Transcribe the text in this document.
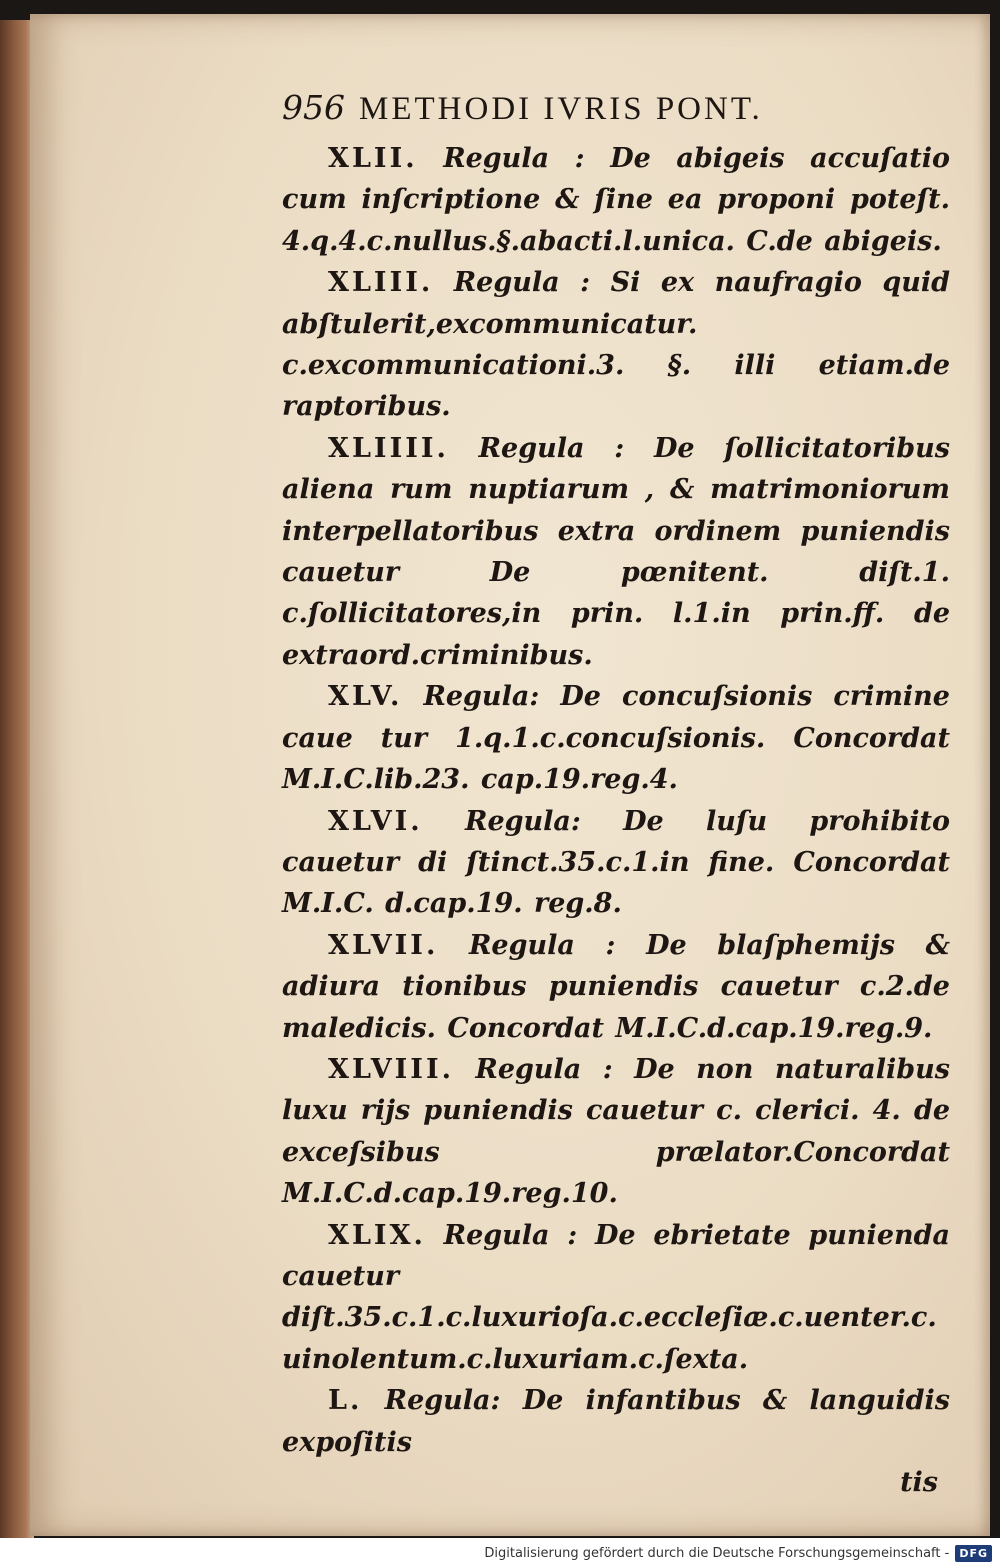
956 METHODI IVRIS PONT.

XLII. Regula : De abigeis accuſatio cum inſcriptione & ſine ea proponi poteſt. 4.q.4.c.nullus.§.abacti.l.unica. C.de abigeis.

XLIII. Regula : Si ex naufragio quid abſtulerit,excommunicatur. c.excommunicationi.3. §. illi etiam.de raptoribus.

XLIIII. Regula : De ſollicitatoribus aliena rum nuptiarum , & matrimoniorum interpellatoribus extra ordinem puniendis cauetur De pœnitent. diſt.1. c.ſollicitatores,in prin. l.1.in prin.ff. de extraord.criminibus.

XLV. Regula: De concuſsionis crimine caue tur 1.q.1.c.concuſsionis. Concordat M.I.C.lib.23. cap.19.reg.4.

XLVI. Regula: De luſu prohibito cauetur di ſtinct.35.c.1.in fine. Concordat M.I.C. d.cap.19. reg.8.

XLVII. Regula : De blaſphemijs & adiura tionibus puniendis cauetur c.2.de maledicis. Concordat M.I.C.d.cap.19.reg.9.

XLVIII. Regula : De non naturalibus luxu rijs puniendis cauetur c. clerici. 4. de exceſsibus prælator.Concordat M.I.C.d.cap.19.reg.10.

XLIX. Regula : De ebrietate punienda cauetur diſt.35.c.1.c.luxurioſa.c.eccleſiæ.c.uenter.c. uinolentum.c.luxuriam.c.ſexta.

L. Regula: De infantibus & languidis expoſitis

tis
Digitalisierung gefördert durch die Deutsche Forschungsgemeinschaft - DFG
